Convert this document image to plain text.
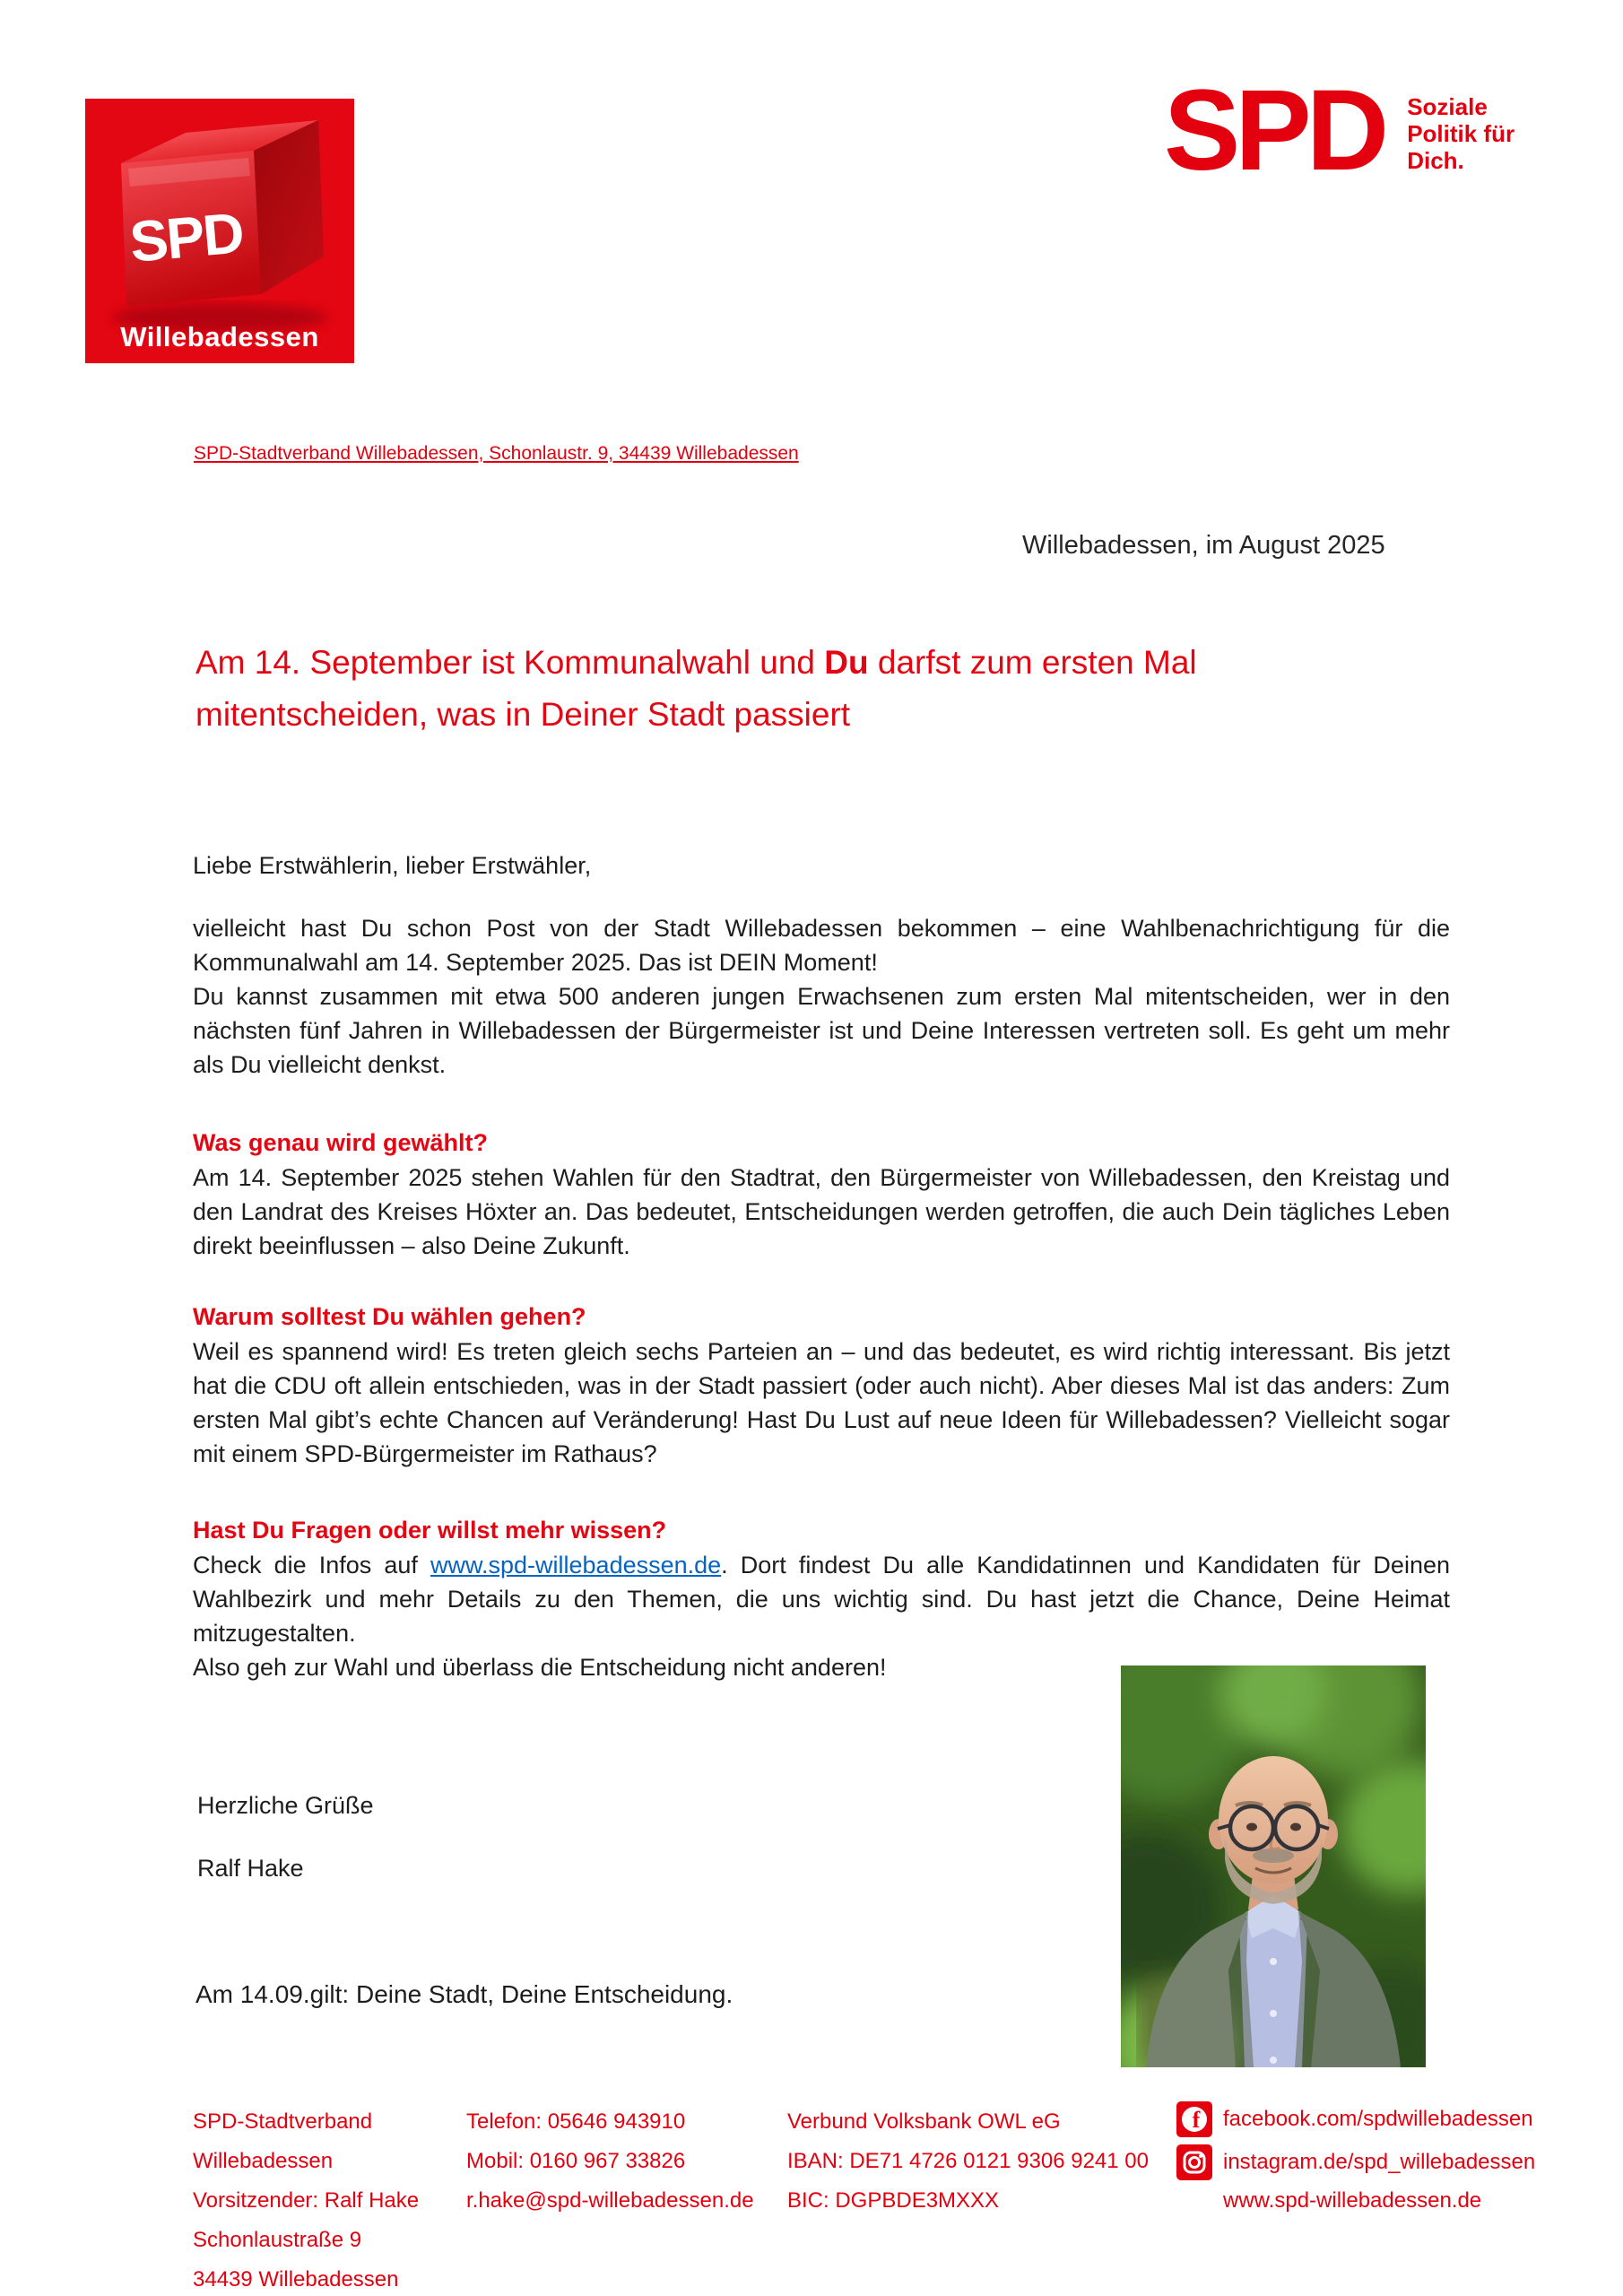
SPD
Willebadessen
SPD Soziale
Politik für
Dich.
SPD-Stadtverband Willebadessen, Schonlaustr. 9, 34439 Willebadessen
Willebadessen, im August 2025
Am 14. September ist Kommunalwahl und Du darfst zum ersten Mal mitentscheiden, was in Deiner Stadt passiert

Liebe Erstwählerin, lieber Erstwähler,

vielleicht hast Du schon Post von der Stadt Willebadessen bekommen – eine Wahlbenachrichtigung für die Kommunalwahl am 14. September 2025. Das ist DEIN Moment!

Du kannst zusammen mit etwa 500 anderen jungen Erwachsenen zum ersten Mal mitentscheiden, wer in den nächsten fünf Jahren in Willebadessen der Bürgermeister ist und Deine Interessen vertreten soll. Es geht um mehr als Du vielleicht denkst.

Was genau wird gewählt?

Am 14. September 2025 stehen Wahlen für den Stadtrat, den Bürgermeister von Willebadessen, den Kreistag und den Landrat des Kreises Höxter an. Das bedeutet, Entscheidungen werden getroffen, die auch Dein tägliches Leben direkt beeinflussen – also Deine Zukunft.

Warum solltest Du wählen gehen?

Weil es spannend wird! Es treten gleich sechs Parteien an – und das bedeutet, es wird richtig interessant. Bis jetzt hat die CDU oft allein entschieden, was in der Stadt passiert (oder auch nicht). Aber dieses Mal ist das anders: Zum ersten Mal gibt’s echte Chancen auf Veränderung! Hast Du Lust auf neue Ideen für Willebadessen? Vielleicht sogar mit einem SPD-Bürgermeister im Rathaus?

Hast Du Fragen oder willst mehr wissen?

Check die Infos auf www.spd-willebadessen.de. Dort findest Du alle Kandidatinnen und Kandidaten für Deinen Wahlbezirk und mehr Details zu den Themen, die uns wichtig sind. Du hast jetzt die Chance, Deine Heimat mitzugestalten.

Also geh zur Wahl und überlass die Entscheidung nicht anderen!

Herzliche Grüße
Ralf Hake
Am 14.09.gilt: Deine Stadt, Deine Entscheidung.
SPD-Stadtverband
Willebadessen
Vorsitzender: Ralf Hake
Schonlaustraße 9
34439 Willebadessen
Telefon: 05646 943910
Mobil: 0160 967 33826
r.hake@spd-willebadessen.de
Verbund Volksbank OWL eG
IBAN: DE71 4726 0121 9306 9241 00
BIC: DGPBDE3MXXX
f facebook.com/spdwillebadessen
instagram.de/spd_willebadessen
www.spd-willebadessen.de
